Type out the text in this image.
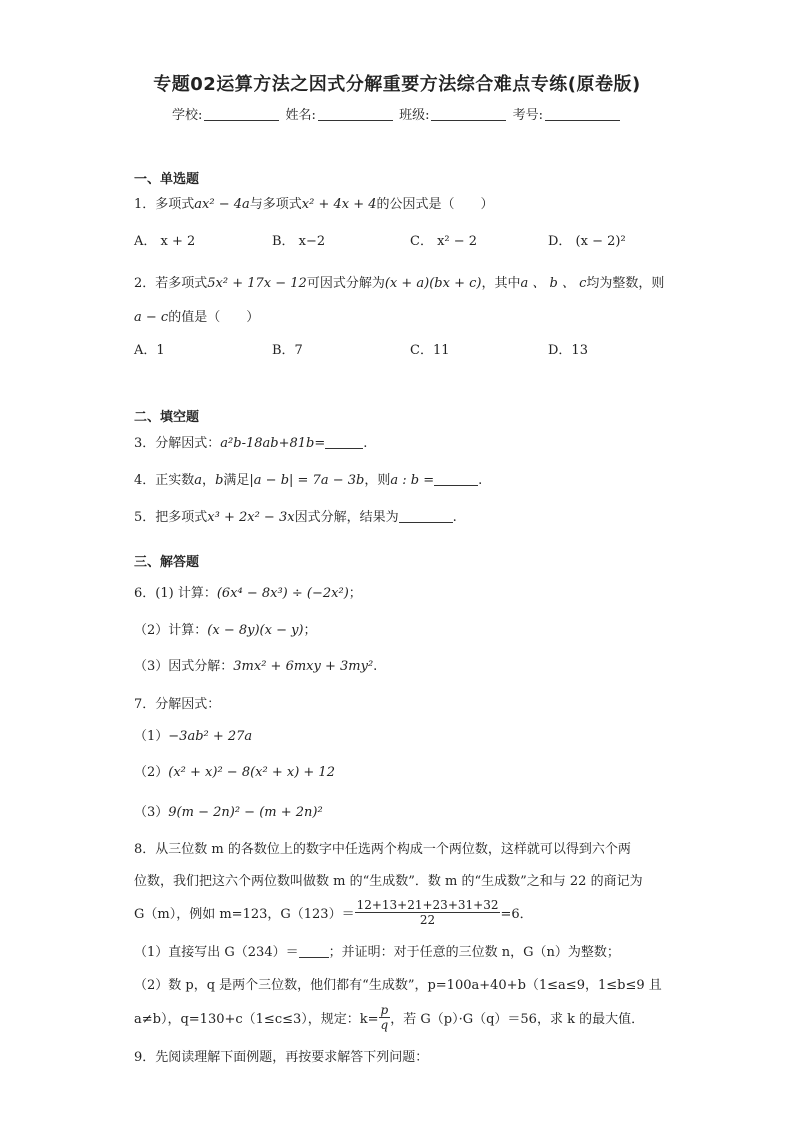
专题02运算方法之因式分解重要方法综合难点专练(原卷版)
学校:	姓名:	班级:	考号:
一、单选题
1．多项式ax² − 4a与多项式x² + 4x + 4的公因式是（　　）
A． x + 2	B． x−2	C． x² − 2	D． (x − 2)²
2．若多项式5x² + 17x − 12可因式分解为(x + a)(bx + c)，其中a 、 b 、 c均为整数，则
a − c的值是（　　）
A．1	B．7	C．11	D．13
二、填空题
3．分解因式：a²b-18ab+81b=	.
4．正实数a，b满足|a − b| = 7a − 3b，则a : b =	.
5．把多项式x³ + 2x² − 3x因式分解，结果为	.
三、解答题
6．(1) 计算：(6x⁴ − 8x³) ÷ (−2x²)；
（2）计算：(x − 8y)(x − y)；
（3）因式分解：3mx² + 6mxy + 3my².
7．分解因式：
（1）−3ab² + 27a
（2）(x² + x)² − 8(x² + x) + 12
（3）9(m − 2n)² − (m + 2n)²
8．从三位数 m 的各数位上的数字中任选两个构成一个两位数，这样就可以得到六个两
位数，我们把这六个两位数叫做数 m 的“生成数”．数 m 的“生成数”之和与 22 的商记为
G（m），例如 m=123，$G(123)= \frac{12+13+21+23+31+32}{22} =6$．
（1）直接写出 G（234）＝ ；并证明：对于任意的三位数 n，G（n）为整数；
（2）数 p，q 是两个三位数，他们都有“生成数”，p=100a+40+b（1≤a≤9，1≤b≤9 且
a≠b），q=130+c（1≤c≤3），规定：$k= \frac{p}{q}$ ，若 G（p）·G（q）＝56，求 k 的最大值．
9．先阅读理解下面例题，再按要求解答下列问题：
